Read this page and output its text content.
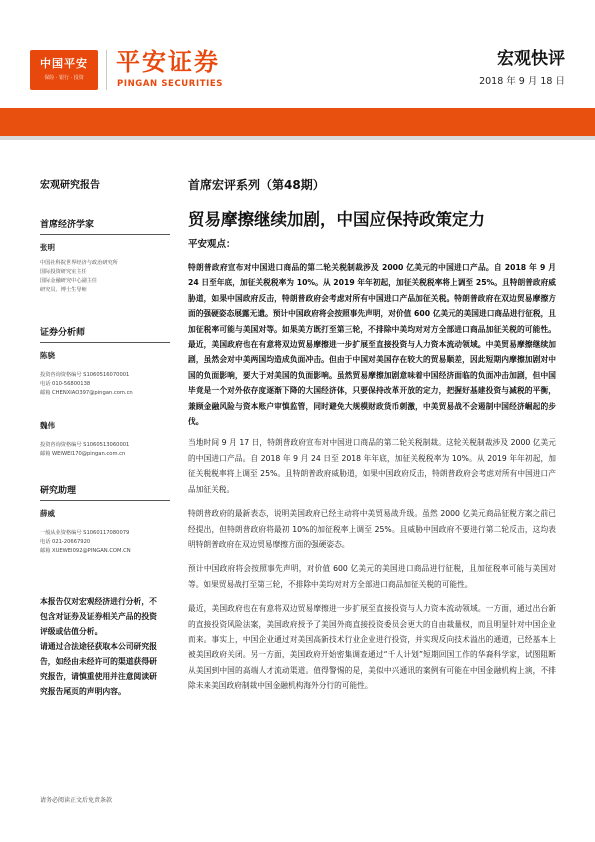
中国平安
保险 · 银行 · 投资
平安证券
PINGAN SECURITIES
宏观快评
2018 年 9 月 18 日
宏观研究报告
首席经济学家
张明
中国社科院世界经济与政治研究所
国际投资研究室主任
国际金融研究中心副主任
研究员、博士生导师
证券分析师
陈骁
投资咨询资格编号 S1060516070001
电话 010-56800138
邮箱 CHENXIAO397@pingan.com.cn
魏伟
投资咨询资格编号 S1060513060001
邮箱 WEIWEI170@pingan.com.cn
研究助理
薛威
一般从业资格编号 S1060117080079
电话 021-20667920
邮箱 XUEWEI092@PINGAN.COM.CN
本报告仅对宏观经济进行分析，不
包含对证券及证券相关产品的投资
评级或估值分析。
请通过合法途径获取本公司研究报
告，如经由未经许可的渠道获得研
究报告，请慎重使用并注意阅读研
究报告尾页的声明内容。
首席宏评系列（第48期）
贸易摩擦继续加剧，中国应保持政策定力
平安观点：

特朗普政府宣布对中国进口商品的第二轮关税制裁涉及 2000 亿美元的中国进口产品。自 2018 年 9 月 24 日至年底，加征关税税率为 10%。从 2019 年年初起，加征关税税率将上调至 25%。且特朗普政府威胁道，如果中国政府反击，特朗普政府会考虑对所有中国进口产品加征关税。特朗普政府在双边贸易摩擦方面的强硬姿态展露无遗。预计中国政府将会按照事先声明，对价值 600 亿美元的美国进口商品进行征税，且加征税率可能与美国对等。如果美方既打至第三轮，不排除中美均对对方全部进口商品加征关税的可能性。最近，美国政府也在有意将双边贸易摩擦进一步扩展至直接投资与人力资本流动领域。中美贸易摩擦继续加剧，虽然会对中美两国均造成负面冲击。但由于中国对美国存在较大的贸易顺差，因此短期内摩擦加剧对中国的负面影响，要大于对美国的负面影响。虽然贸易摩擦加剧意味着中国经济面临的负面冲击加剧，但中国毕竟是一个对外依存度逐渐下降的大国经济体，只要保持改革开放的定力，把握好基建投资与减税的平衡，兼顾金融风险与资本账户审慎监管，同时避免大规模财政货币刺激，中美贸易战不会遏制中国经济崛起的步伐。

当地时间 9 月 17 日，特朗普政府宣布对中国进口商品的第二轮关税制裁。这轮关税制裁涉及 2000 亿美元的中国进口产品。自 2018 年 9 月 24 日至 2018 年年底，加征关税税率为 10%。从 2019 年年初起，加征关税税率将上调至 25%。且特朗普政府威胁道，如果中国政府反击，特朗普政府会考虑对所有中国进口产品加征关税。

特朗普政府的最新表态，说明美国政府已经主动将中美贸易战升级。虽然 2000 亿美元商品征税方案之前已经提出，但特朗普政府将最初 10%的加征税率上调至 25%。且威胁中国政府不要进行第二轮反击，这均表明特朗普政府在双边贸易摩擦方面的强硬姿态。

预计中国政府将会按照事先声明，对价值 600 亿美元的美国进口商品进行征税，且加征税率可能与美国对等。如果贸易战打至第三轮，不排除中美均对对方全部进口商品加征关税的可能性。

最近，美国政府也在有意将双边贸易摩擦进一步扩展至直接投资与人力资本流动领域。一方面，通过出台新的直接投资风险法案，美国政府授予了美国外商直接投资委员会更大的自由裁量权，而且明显针对中国企业而来。事实上，中国企业通过对美国高新技术行业企业进行投资，并实现反向技术溢出的通道，已经基本上被美国政府关闭。另一方面，美国政府开始密集调查通过“千人计划”短期回国工作的华裔科学家，试图阻断从美国到中国的高端人才流动渠道。值得警惕的是，美似中兴通讯的案例有可能在中国金融机构上演，不排除未来美国政府制裁中国金融机构海外分行的可能性。

请务必阅读正文后免责条款
